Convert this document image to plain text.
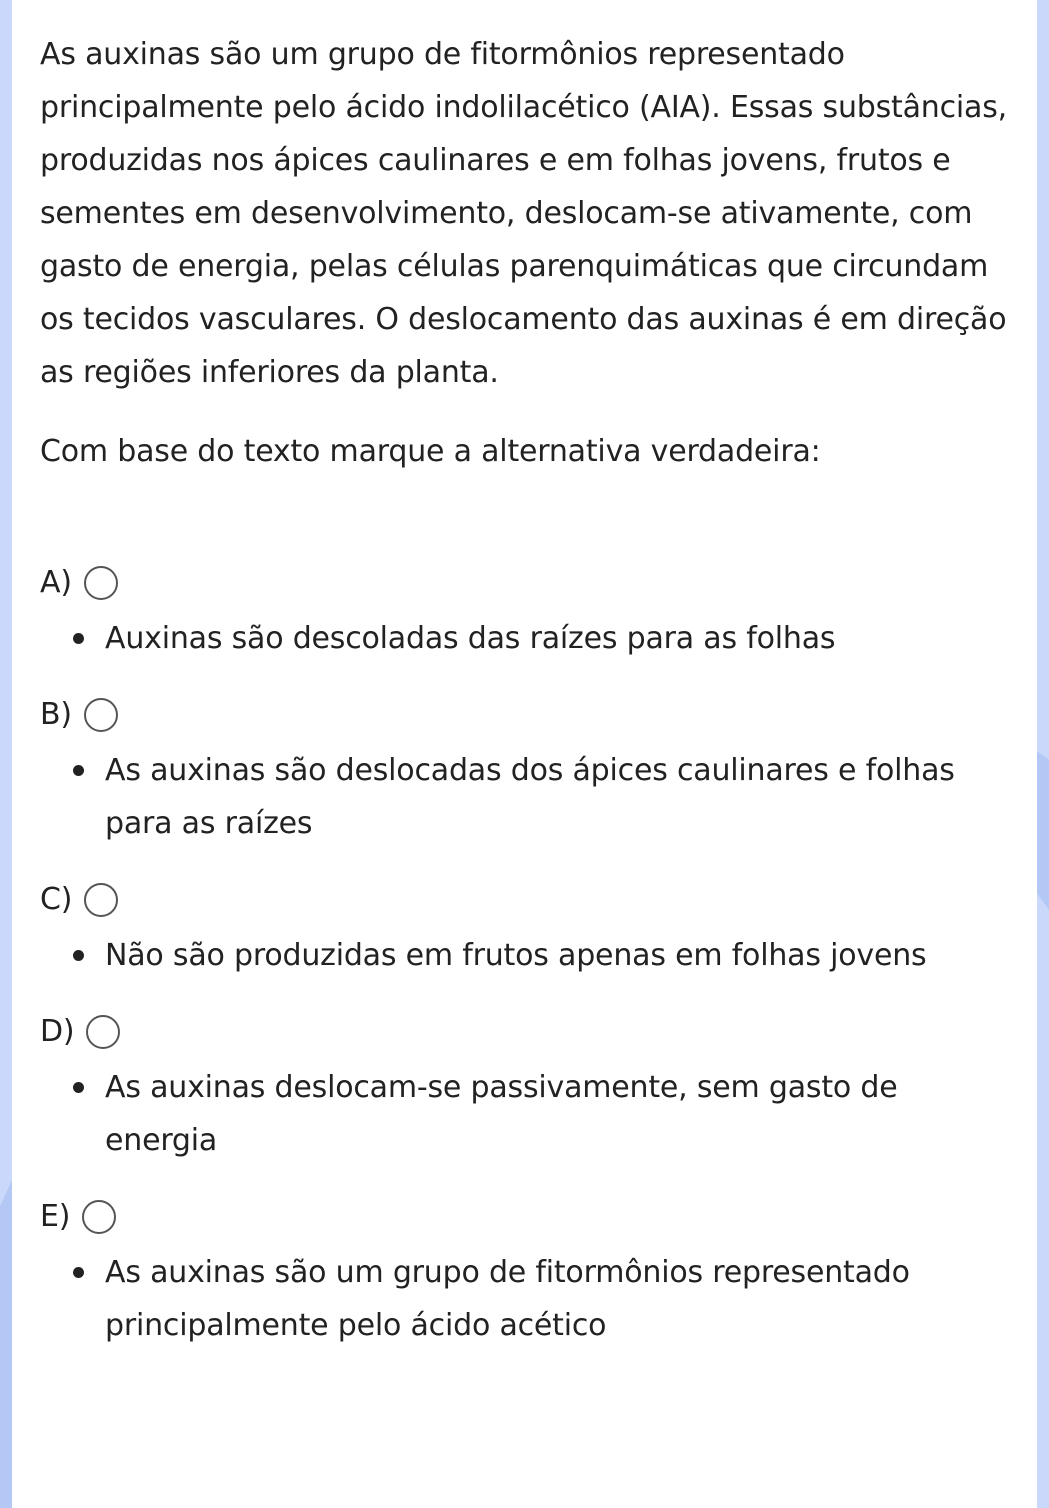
As auxinas são um grupo de fitormônios representado principalmente pelo ácido indolilacético (AIA). Essas substâncias, produzidas nos ápices caulinares e em folhas jovens, frutos e sementes em desenvolvimento, deslocam-se ativamente, com gasto de energia, pelas células parenquimáticas que circundam os tecidos vasculares. O deslocamento das auxinas é em direção as regiões inferiores da planta.

Com base do texto marque a alternativa verdadeira:

A)
Auxinas são descoladas das raízes para as folhas
B)
As auxinas são deslocadas dos ápices caulinares e folhas para as raízes
C)
Não são produzidas em frutos apenas em folhas jovens
D)
As auxinas deslocam-se passivamente, sem gasto de energia
E)
As auxinas são um grupo de fitormônios representado principalmente pelo ácido acético
